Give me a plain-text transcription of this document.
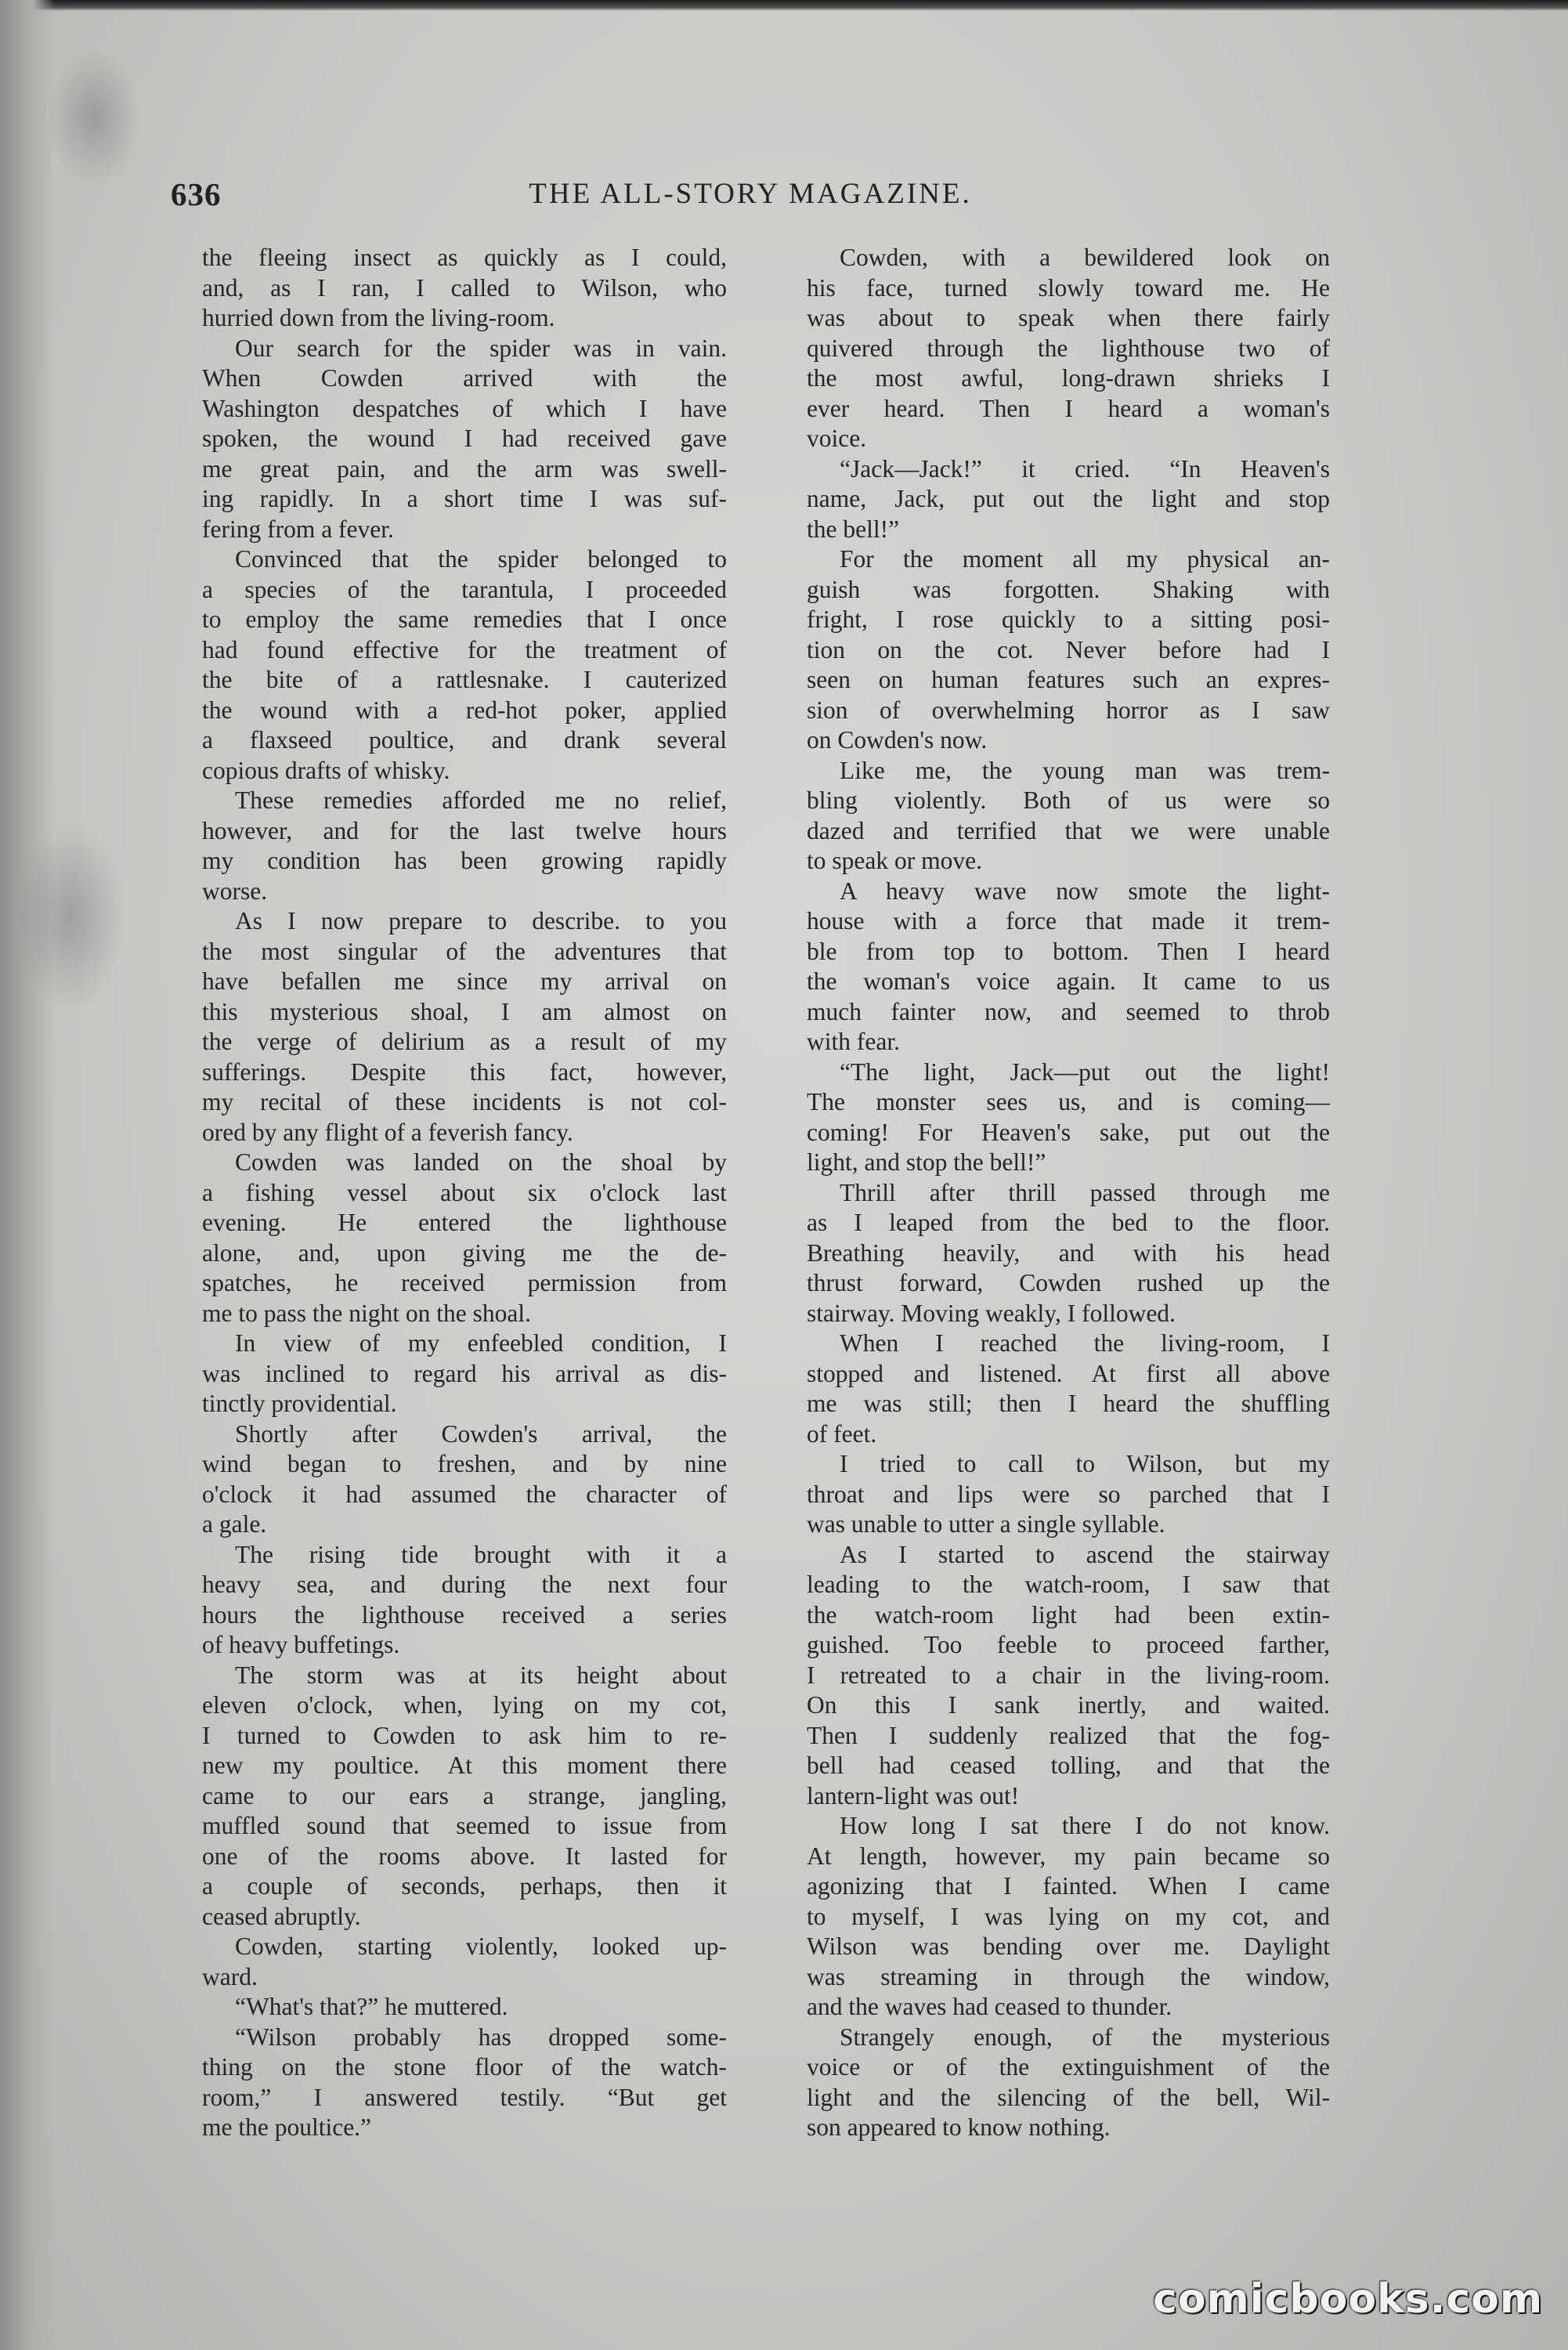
636	THE ALL-STORY MAGAZINE.
the fleeing insect as quickly as I could,
and, as I ran, I called to Wilson, who
hurried down from the living-room.
Our search for the spider was in vain.
When Cowden arrived with the
Washington despatches of which I have
spoken, the wound I had received gave
me great pain, and the arm was swell-
ing rapidly. In a short time I was suf-
fering from a fever.
Convinced that the spider belonged to
a species of the tarantula, I proceeded
to employ the same remedies that I once
had found effective for the treatment of
the bite of a rattlesnake. I cauterized
the wound with a red-hot poker, applied
a flaxseed poultice, and drank several
copious drafts of whisky.
These remedies afforded me no relief,
however, and for the last twelve hours
my condition has been growing rapidly
worse.
As I now prepare to describe. to you
the most singular of the adventures that
have befallen me since my arrival on
this mysterious shoal, I am almost on
the verge of delirium as a result of my
sufferings. Despite this fact, however,
my recital of these incidents is not col-
ored by any flight of a feverish fancy.
Cowden was landed on the shoal by
a fishing vessel about six o'clock last
evening. He entered the lighthouse
alone, and, upon giving me the de-
spatches, he received permission from
me to pass the night on the shoal.
In view of my enfeebled condition, I
was inclined to regard his arrival as dis-
tinctly providential.
Shortly after Cowden's arrival, the
wind began to freshen, and by nine
o'clock it had assumed the character of
a gale.
The rising tide brought with it a
heavy sea, and during the next four
hours the lighthouse received a series
of heavy buffetings.
The storm was at its height about
eleven o'clock, when, lying on my cot,
I turned to Cowden to ask him to re-
new my poultice. At this moment there
came to our ears a strange, jangling,
muffled sound that seemed to issue from
one of the rooms above. It lasted for
a couple of seconds, perhaps, then it
ceased abruptly.
Cowden, starting violently, looked up-
ward.
“What's that?” he muttered.
“Wilson probably has dropped some-
thing on the stone floor of the watch-
room,” I answered testily. “But get
me the poultice.”
Cowden, with a bewildered look on
his face, turned slowly toward me. He
was about to speak when there fairly
quivered through the lighthouse two of
the most awful, long-drawn shrieks I
ever heard. Then I heard a woman's
voice.
“Jack—Jack!” it cried. “In Heaven's
name, Jack, put out the light and stop
the bell!”
For the moment all my physical an-
guish was forgotten. Shaking with
fright, I rose quickly to a sitting posi-
tion on the cot. Never before had I
seen on human features such an expres-
sion of overwhelming horror as I saw
on Cowden's now.
Like me, the young man was trem-
bling violently. Both of us were so
dazed and terrified that we were unable
to speak or move.
A heavy wave now smote the light-
house with a force that made it trem-
ble from top to bottom. Then I heard
the woman's voice again. It came to us
much fainter now, and seemed to throb
with fear.
“The light, Jack—put out the light!
The monster sees us, and is coming—
coming! For Heaven's sake, put out the
light, and stop the bell!”
Thrill after thrill passed through me
as I leaped from the bed to the floor.
Breathing heavily, and with his head
thrust forward, Cowden rushed up the
stairway. Moving weakly, I followed.
When I reached the living-room, I
stopped and listened. At first all above
me was still; then I heard the shuffling
of feet.
I tried to call to Wilson, but my
throat and lips were so parched that I
was unable to utter a single syllable.
As I started to ascend the stairway
leading to the watch-room, I saw that
the watch-room light had been extin-
guished. Too feeble to proceed farther,
I retreated to a chair in the living-room.
On this I sank inertly, and waited.
Then I suddenly realized that the fog-
bell had ceased tolling, and that the
lantern-light was out!
How long I sat there I do not know.
At length, however, my pain became so
agonizing that I fainted. When I came
to myself, I was lying on my cot, and
Wilson was bending over me. Daylight
was streaming in through the window,
and the waves had ceased to thunder.
Strangely enough, of the mysterious
voice or of the extinguishment of the
light and the silencing of the bell, Wil-
son appeared to know nothing.
comicbooks.com
